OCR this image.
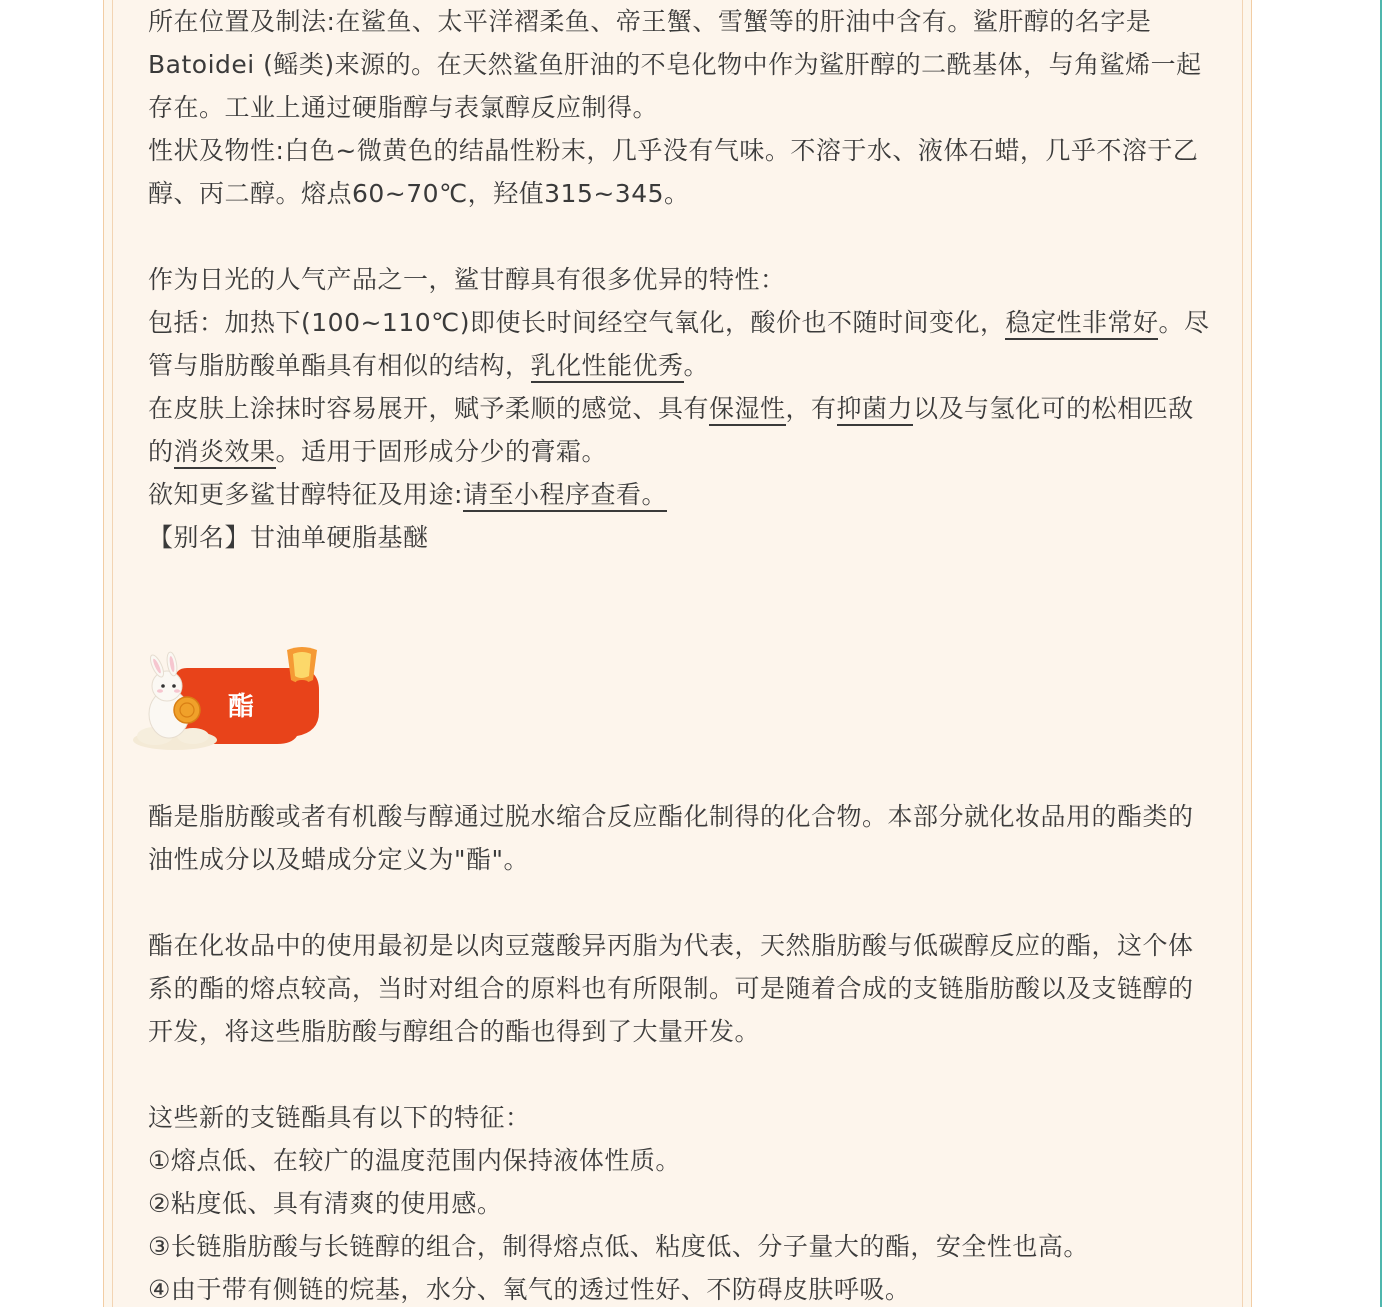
所在位置及制法:在鲨鱼、太平洋褶柔鱼、帝王蟹、雪蟹等的肝油中含有。鲨肝醇的名字是 Batoidei (鳐类)来源的。在天然鲨鱼肝油的不皂化物中作为鲨肝醇的二酰基体，与角鲨烯一起存在。工业上通过硬脂醇与表氯醇反应制得。

性状及物性:白色~微黄色的结晶性粉末，几乎没有气味。不溶于水、液体石蜡，几乎不溶于乙醇、丙二醇。熔点60~70℃，羟值315~345。

作为日光的人气产品之一，鲨甘醇具有很多优异的特性：

包括：加热下(100~110℃)即使长时间经空气氧化，酸价也不随时间变化，稳定性非常好。尽管与脂肪酸单酯具有相似的结构，乳化性能优秀。

在皮肤上涂抹时容易展开，赋予柔顺的感觉、具有保湿性，有抑菌力以及与氢化可的松相匹敌的消炎效果。适用于固形成分少的膏霜。

欲知更多鲨甘醇特征及用途:请至小程序查看。

【别名】甘油单硬脂基醚

酯

酯是脂肪酸或者有机酸与醇通过脱水缩合反应酯化制得的化合物。本部分就化妆品用的酯类的油性成分以及蜡成分定义为"酯"。

酯在化妆品中的使用最初是以肉豆蔻酸异丙脂为代表，天然脂肪酸与低碳醇反应的酯，这个体系的酯的熔点较高，当时对组合的原料也有所限制。可是随着合成的支链脂肪酸以及支链醇的开发，将这些脂肪酸与醇组合的酯也得到了大量开发。

这些新的支链酯具有以下的特征：

①熔点低、在较广的温度范围内保持液体性质。

②粘度低、具有清爽的使用感。

③长链脂肪酸与长链醇的组合，制得熔点低、粘度低、分子量大的酯，安全性也高。

④由于带有侧链的烷基，水分、氧气的透过性好、不防碍皮肤呼吸。
